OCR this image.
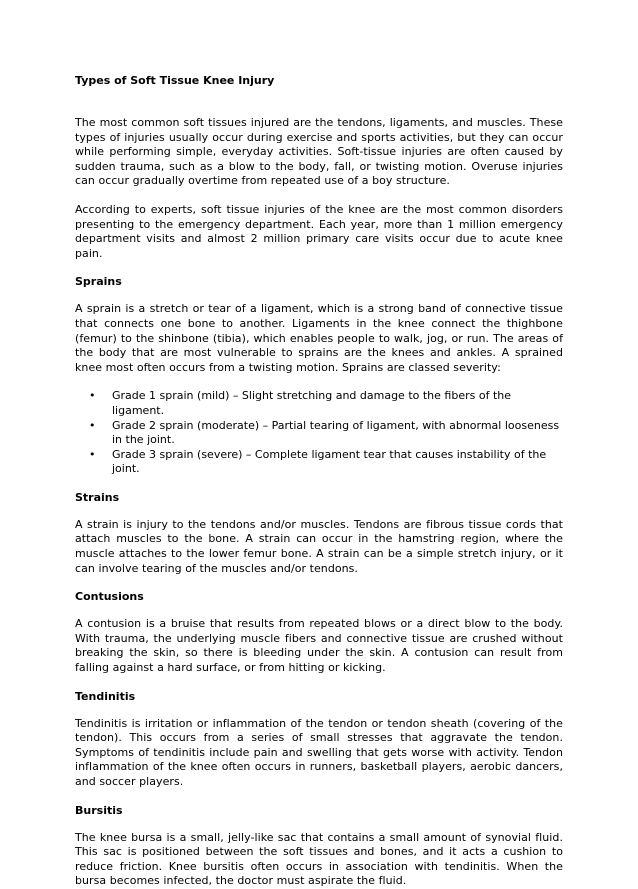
Types of Soft Tissue Knee Injury

The most common soft tissues injured are the tendons, ligaments, and muscles. These types of injuries usually occur during exercise and sports activities, but they can occur while performing simple, everyday activities. Soft-tissue injuries are often caused by sudden trauma, such as a blow to the body, fall, or twisting motion. Overuse injuries can occur gradually overtime from repeated use of a boy structure.

According to experts, soft tissue injuries of the knee are the most common disorders presenting to the emergency department. Each year, more than 1 million emergency department visits and almost 2 million primary care visits occur due to acute knee pain.

Sprains

A sprain is a stretch or tear of a ligament, which is a strong band of connective tissue that connects one bone to another. Ligaments in the knee connect the thighbone (femur) to the shinbone (tibia), which enables people to walk, jog, or run. The areas of the body that are most vulnerable to sprains are the knees and ankles. A sprained knee most often occurs from a twisting motion. Sprains are classed severity:

• Grade 1 sprain (mild) – Slight stretching and damage to the fibers of the ligament.
• Grade 2 sprain (moderate) – Partial tearing of ligament, with abnormal looseness in the joint.
• Grade 3 sprain (severe) – Complete ligament tear that causes instability of the joint.
Strains

A strain is injury to the tendons and/or muscles. Tendons are fibrous tissue cords that attach muscles to the bone. A strain can occur in the hamstring region, where the muscle attaches to the lower femur bone. A strain can be a simple stretch injury, or it can involve tearing of the muscles and/or tendons.

Contusions

A contusion is a bruise that results from repeated blows or a direct blow to the body. With trauma, the underlying muscle fibers and connective tissue are crushed without breaking the skin, so there is bleeding under the skin. A contusion can result from falling against a hard surface, or from hitting or kicking.

Tendinitis

Tendinitis is irritation or inflammation of the tendon or tendon sheath (covering of the tendon). This occurs from a series of small stresses that aggravate the tendon. Symptoms of tendinitis include pain and swelling that gets worse with activity. Tendon inflammation of the knee often occurs in runners, basketball players, aerobic dancers, and soccer players.

Bursitis

The knee bursa is a small, jelly-like sac that contains a small amount of synovial fluid. This sac is positioned between the soft tissues and bones, and it acts a cushion to reduce friction. Knee bursitis often occurs in association with tendinitis. When the bursa becomes infected, the doctor must aspirate the fluid.
